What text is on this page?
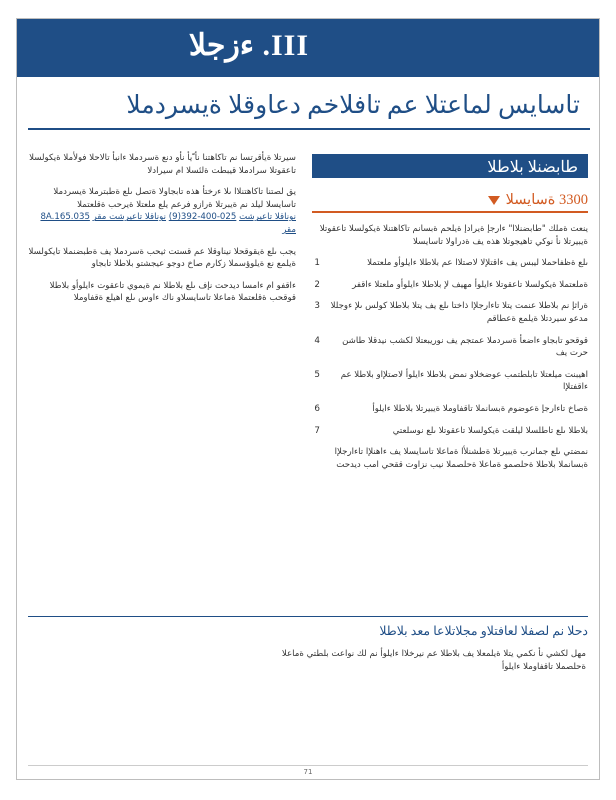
III. ءزجلا
تاسايس لماعتلا عم تافلاخم دعاوقلا ةيسردملا

سيرتلا ةيأقرتسا نم تاكاهتنا نأ ّيأ نأو دنع ةسردملا ءانبأ تالاحلا فولأملا ةيكولسلا تاعقوتلا سرادملا قيبطت ةلئسلا ام سيرادلا

يق لصتنا تاكاهتنلاا ىلا ءرختأ هذه تابجاولا ةتصل ىلع ةطبترملا ةيسردملا تاسايسلا ليلد نم ةيبرتلا ةرازو فرعم يلع ملعتلا ةيرحب ةقلعتملا 8A.165.035 نوناقلا تاعيرشت مقر (9)392-400-025 نوناقلا تاعيرشت مقر

يجب ىلع ةيقوقحلا نيناوقلا عم قستت ثيحب ةسردملا يف ةطبضنملا تايكولسلا ةيلمع نع ةيلوؤسملا زكارم صاخ دوجو عيجشتو بلاطلا تابجاو

ءاقفو ام ءامسا ديدحت نإف ىلع بلاطلا نم ةيموي تاعقوت ءايلوأو بلاطلا قوقحب ةقلعتملا ةماعلا تاسايسلاو ناك ءاوس ىلع اهيلع ةقفاوملا

طابضنلا بلاطلا
3300 ةسايسلا

ينعت ةملك "طابضنلاا" ءارجإ ةيرادإ ةيلحم ةبسانم تاكاهتنلا ةيكولسلا تاعقوتلا ةيبيرتلا نأ نوكي تاهيجوتلا هذه يف ةدراولا تاسايسلا

1	ىلع ةظفاحملا ليبس يف ءاقتلإلا لاصتلاا عم بلاطلا ءايلوأو ملعتملا
2	ةملعتملا ةيكولسلا تاعقوتلا ءايلوأ مهيف لإ بلاطلا ءايلوأو ملعتلا ءاقفر
3	ةراثإ نم بلاطلا عنمت يتلا تاءارجلإا ذاختا ىلع يف يتلا بلاطلا كولس ىلإ ءوجللا مدعو سيردتلا ةيلمع ةعطاقم
4	قوقحو تابجاو ءاضعأ ةسردملا عمتجم يف نوريبعتلا لكشب نيدقلا طاشن حرت يف
5	اهيبنت ميلعتلا تابلطتمب عوضخلاو نمض بلاطلا ءايلوأ لاصتلإاو بلاطلا عم ءاقفتلإا
6	ةصاخ تاءارجإ ةعوضوم ةبسانملا تاقفاوملا ةيبيرتلا بلاطلا ءايلوأ
7	بلاطلا ىلع تاطلسلا ليلقت ةيكولسلا تاعقوتلا ىلع نوسلعتي

نمضتي ىلع جمانرب ةيبيرتلا ةطشنلأا ةماعلا تاسايسلا يف ءاهنلإا تاءارجلإا ةبسانملا بلاطلا ةحلصمو ةماعلا ةحلصملا نيب نزاوت ققحي امب ديدحت

دحلا نم لصفلا لعافتلاو مجلاتلاعا معد بلاطلا

مهل لكشي نأ نكمي يتلا ةيلمعلا يف بلاطلا عم نيرخلاا ءايلوأ نم لك نواعت بلطتي ةماعلا ةحلصملا تاقفاوملا ءايلوأ

71
